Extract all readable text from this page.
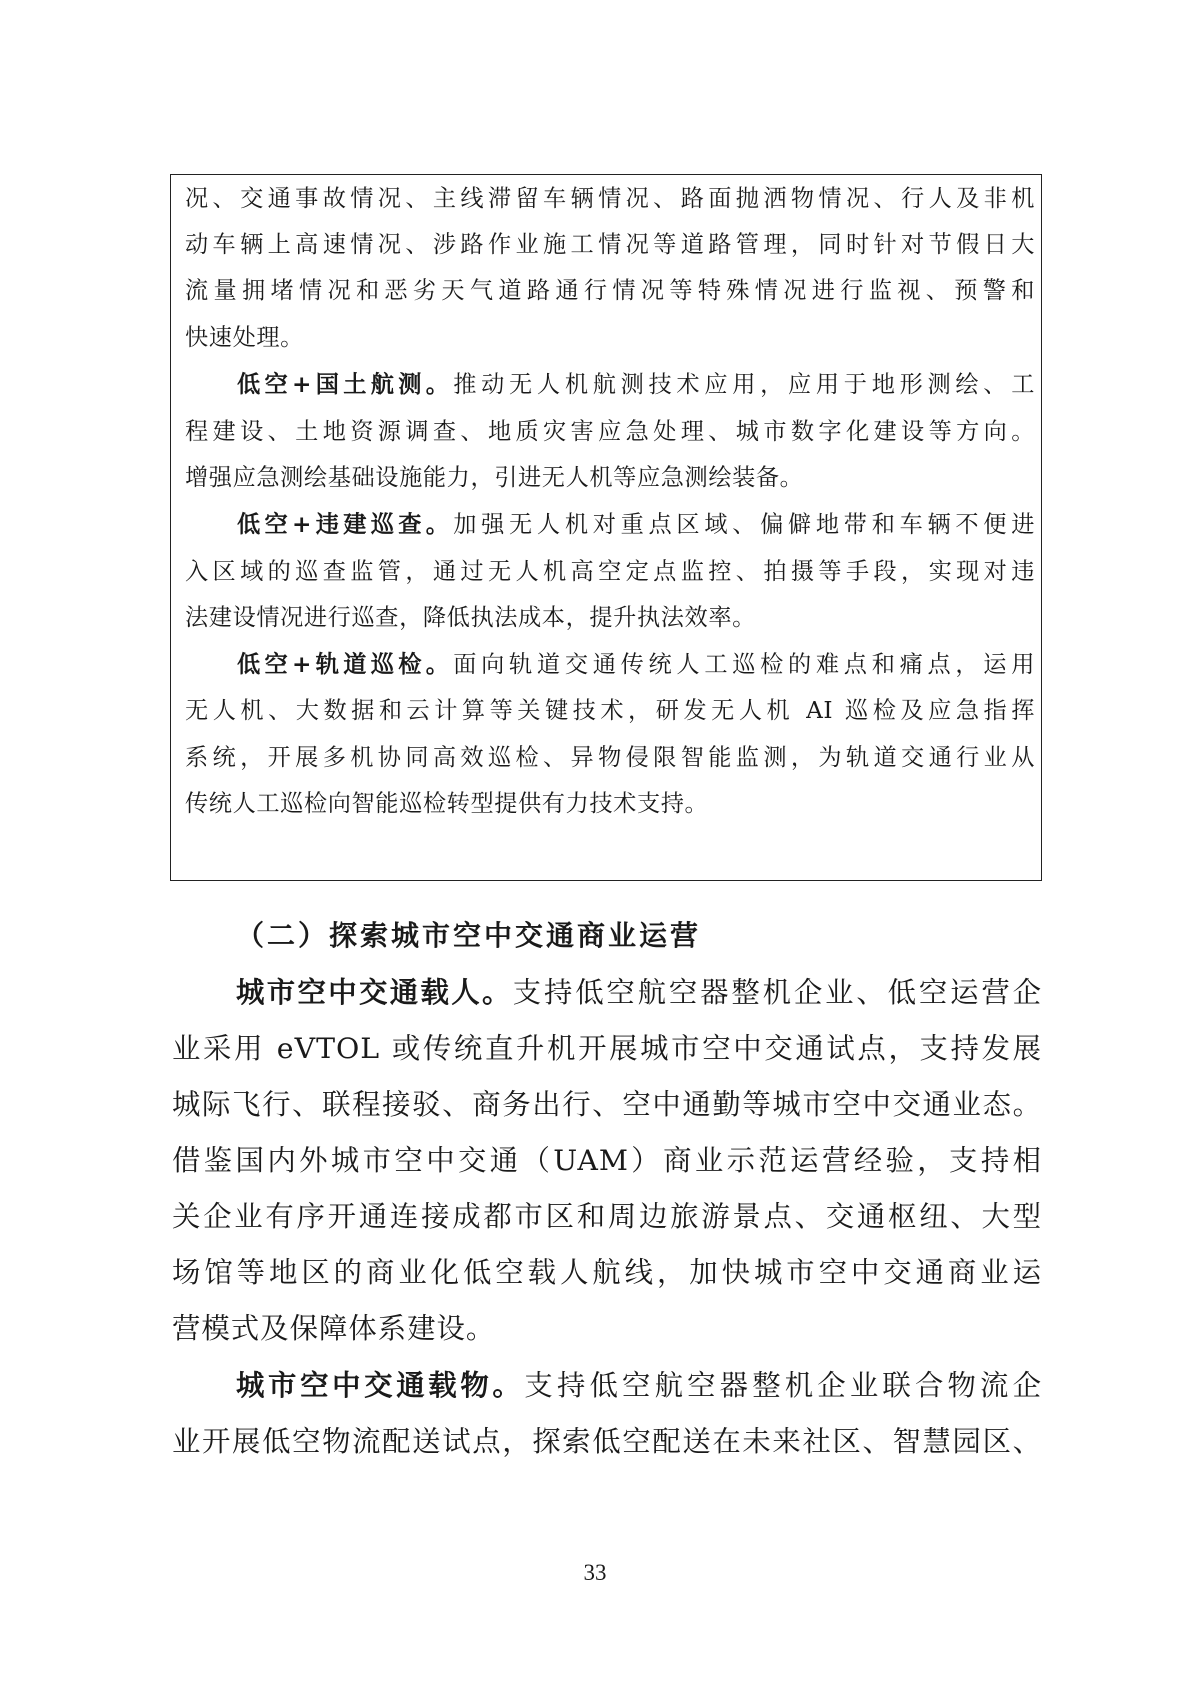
况、交通事故情况、主线滞留车辆情况、路面抛洒物情况、行人及非机

动车辆上高速情况、涉路作业施工情况等道路管理，同时针对节假日大

流量拥堵情况和恶劣天气道路通行情况等特殊情况进行监视、预警和

快速处理。

低空+国土航测。推动无人机航测技术应用，应用于地形测绘、工

程建设、土地资源调查、地质灾害应急处理、城市数字化建设等方向。

增强应急测绘基础设施能力，引进无人机等应急测绘装备。

低空+违建巡查。加强无人机对重点区域、偏僻地带和车辆不便进

入区域的巡查监管，通过无人机高空定点监控、拍摄等手段，实现对违

法建设情况进行巡查，降低执法成本，提升执法效率。

低空+轨道巡检。面向轨道交通传统人工巡检的难点和痛点，运用

无人机、大数据和云计算等关键技术，研发无人机 AI 巡检及应急指挥

系统，开展多机协同高效巡检、异物侵限智能监测，为轨道交通行业从

传统人工巡检向智能巡检转型提供有力技术支持。

（二）探索城市空中交通商业运营

城市空中交通载人。支持低空航空器整机企业、低空运营企

业采用 eVTOL 或传统直升机开展城市空中交通试点，支持发展

城际飞行、联程接驳、商务出行、空中通勤等城市空中交通业态。

借鉴国内外城市空中交通（UAM）商业示范运营经验，支持相

关企业有序开通连接成都市区和周边旅游景点、交通枢纽、大型

场馆等地区的商业化低空载人航线，加快城市空中交通商业运

营模式及保障体系建设。

城市空中交通载物。支持低空航空器整机企业联合物流企

业开展低空物流配送试点，探索低空配送在未来社区、智慧园区、

33
